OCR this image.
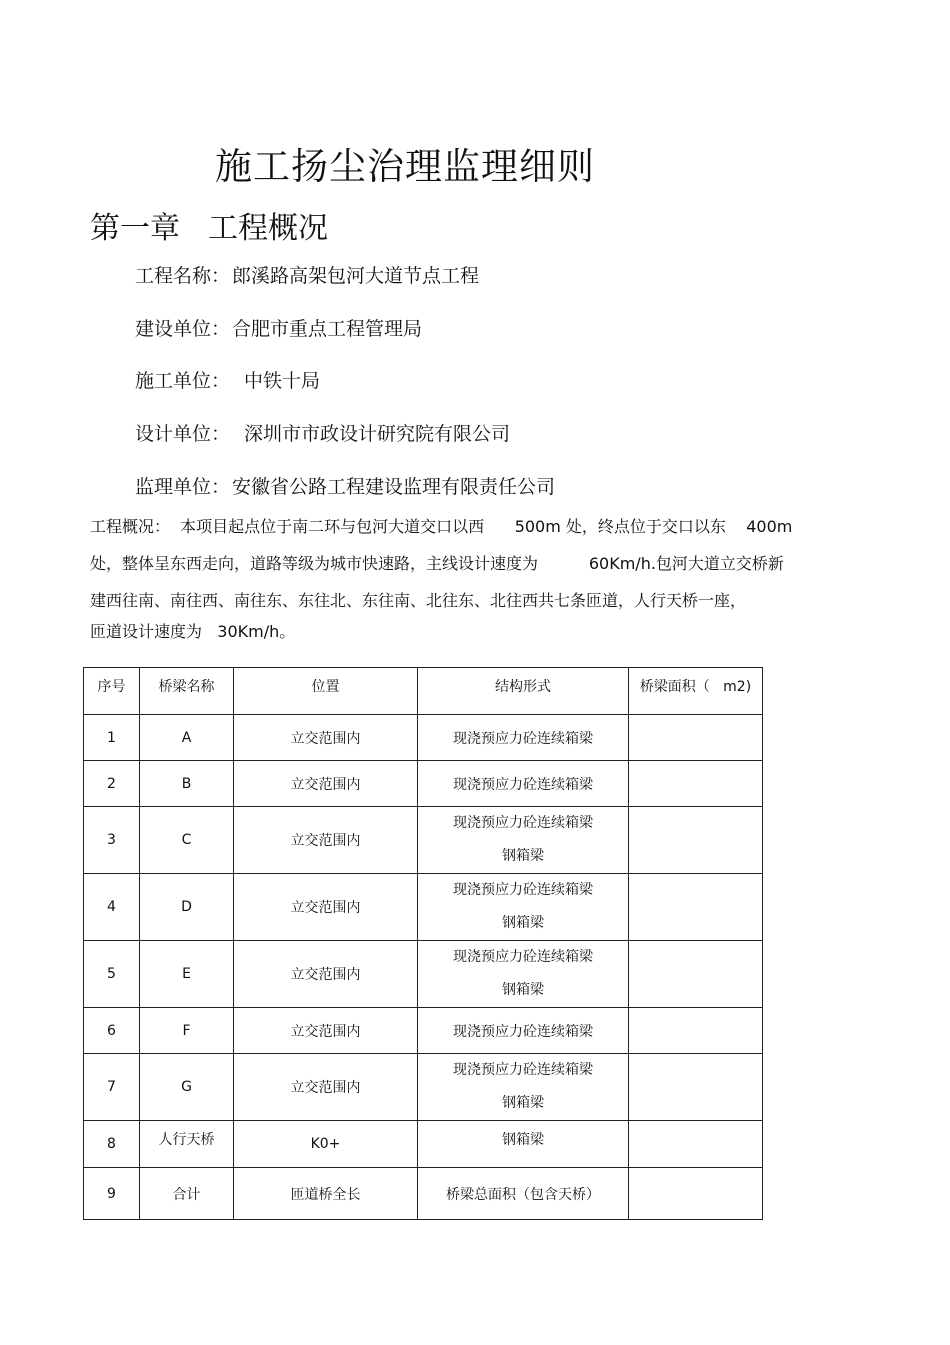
施工扬尘治理监理细则
第一章 工程概况
工程名称： 郎溪路高架包河大道节点工程
建设单位： 合肥市重点工程管理局
施工单位： 中铁十局
设计单位： 深圳市市政设计研究院有限公司
监理单位： 安徽省公路工程建设监理有限责任公司
工程概况：  本项目起点位于南二环与包河大道交口以西      500m 处，终点位于交口以东    400m
处，整体呈东西走向，道路等级为城市快速路，主线设计速度为          60Km/h.包河大道立交桥新
建西往南、南往西、南往东、东往北、东往南、北往东、北往西共七条匝道，人行天桥一座，
匝道设计速度为   30Km/h。
序号	桥梁名称	位置	结构形式	桥梁面积（   m2)
1	A	立交范围内	现浇预应力砼连续箱梁	
2	B	立交范围内	现浇预应力砼连续箱梁	
3	C	立交范围内	现浇预应力砼连续箱梁
钢箱梁	

4	D	立交范围内	现浇预应力砼连续箱梁
钢箱梁	

5	E	立交范围内	现浇预应力砼连续箱梁
钢箱梁	

6	F	立交范围内	现浇预应力砼连续箱梁	
7	G	立交范围内	现浇预应力砼连续箱梁
钢箱梁	

8	人行天桥	K0+	钢箱梁	
9	合计	匝道桥全长	桥梁总面积（包含天桥）	
